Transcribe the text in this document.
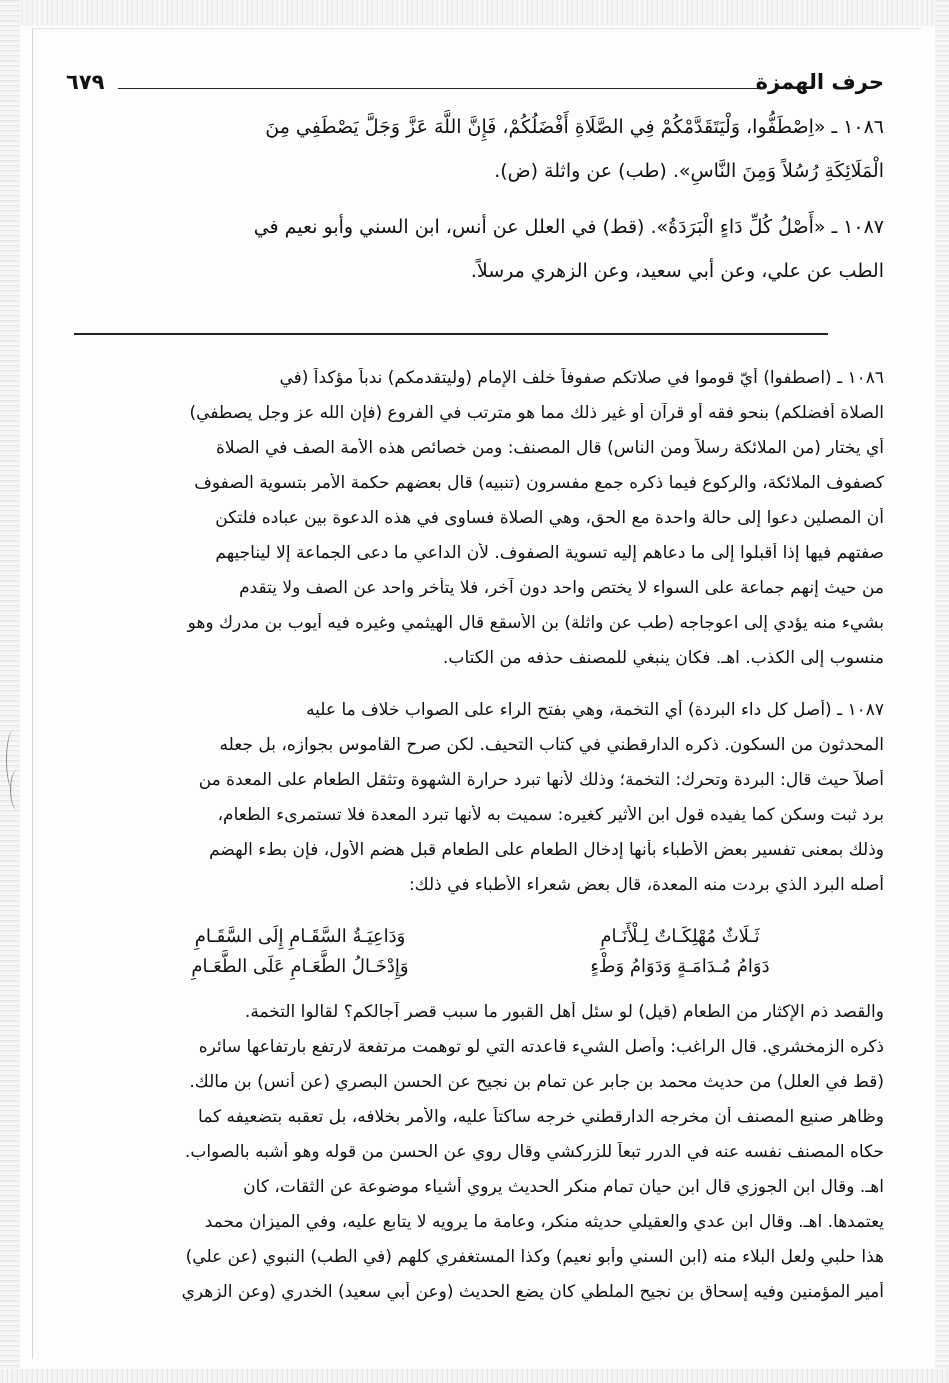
حرف الهمزة
٦٧٩
١٠٨٦ ـ «اِصْطَفُّوا، وَلْيَتَقَدَّمْكُمْ فِي الصَّلَاةِ أَفْضَلُكُمْ، فَإِنَّ اللَّهَ عَزَّ وَجَلَّ يَصْطَفِي مِنَ
الْمَلَائِكَةِ رُسُلاً وَمِنَ النَّاسِ». (طب) عن واثلة (ض).
١٠٨٧ ـ «أَصْلُ كُلِّ دَاءٍ الْبَرَدَةُ». (قط) في العلل عن أنس، ابن السني وأبو نعيم في
الطب عن علي، وعن أبي سعيد، وعن الزهري مرسلاً.
١٠٨٦ ـ (اصطفوا) أيّ قوموا في صلاتكم صفوفاً خلف الإمام (وليتقدمكم) ندباً مؤكداً (في
الصلاة أفضلكم) بنحو فقه أو قرآن أو غير ذلك مما هو مترتب في الفروع (فإن الله عز وجل يصطفي)
أي يختار (من الملائكة رسلاً ومن الناس) قال المصنف: ومن خصائص هذه الأمة الصف في الصلاة
كصفوف الملائكة، والركوع فيما ذكره جمع مفسرون (تنبيه) قال بعضهم حكمة الأمر بتسوية الصفوف
أن المصلين دعوا إلى حالة واحدة مع الحق، وهي الصلاة فساوى في هذه الدعوة بين عباده فلتكن
صفتهم فيها إذا أقبلوا إلى ما دعاهم إليه تسوية الصفوف. لأن الداعي ما دعى الجماعة إلا ليناجيهم
من حيث إنهم جماعة على السواء لا يختص واحد دون آخر، فلا يتأخر واحد عن الصف ولا يتقدم
بشيء منه يؤدي إلى اعوجاجه (طب عن واثلة) بن الأسقع قال الهيثمي وغيره فيه أيوب بن مدرك وهو
منسوب إلى الكذب. اهـ. فكان ينبغي للمصنف حذفه من الكتاب.
١٠٨٧ ـ (أصل كل داء البردة) أي التخمة، وهي بفتح الراء على الصواب خلاف ما عليه
المحدثون من السكون. ذكره الدارقطني في كتاب التحيف. لكن صرح القاموس بجوازه، بل جعله
أصلاً حيث قال: البردة وتحرك: التخمة؛ وذلك لأنها تبرد حرارة الشهوة وتثقل الطعام على المعدة من
برد ثبت وسكن كما يفيده قول ابن الأثير كغيره: سميت به لأنها تبرد المعدة فلا تستمرىء الطعام،
وذلك بمعنى تفسير بعض الأطباء بأنها إدخال الطعام على الطعام قبل هضم الأول، فإن بطء الهضم
أصله البرد الذي بردت منه المعدة، قال بعض شعراء الأطباء في ذلك:
ثَـلَاثٌ مُهْلِكَـاتٌ لِـلْأَنَـامِ
وَدَاعِيَـةُ السَّقَـامِ إِلَى السَّقَـامِ
دَوَامُ مُـدَامَـةٍ وَدَوَامُ وَطْءٍ
وَإِدْخَـالُ الطَّعَـامِ عَلَى الطَّعَـامِ
والقصد ذم الإكثار من الطعام (قيل) لو سئل أهل القبور ما سبب قصر آجالكم؟ لقالوا التخمة.
ذكره الزمخشري. قال الراغب: وأصل الشيء قاعدته التي لو توهمت مرتفعة لارتفع بارتفاعها سائره
(قط في العلل) من حديث محمد بن جابر عن تمام بن نجيح عن الحسن البصري (عن أنس) بن مالك.
وظاهر صنيع المصنف أن مخرجه الدارقطني خرجه ساكتاً عليه، والأمر بخلافه، بل تعقبه بتضعيفه كما
حكاه المصنف نفسه عنه في الدرر تبعاً للزركشي وقال روي عن الحسن من قوله وهو أشبه بالصواب.
اهـ. وقال ابن الجوزي قال ابن حيان تمام منكر الحديث يروي أشياء موضوعة عن الثقات، كان
يعتمدها. اهـ. وقال ابن عدي والعقيلي حديثه منكر، وعامة ما يرويه لا يتابع عليه، وفي الميزان محمد
هذا حلبي ولعل البلاء منه (ابن السني وأبو نعيم) وكذا المستغفري كلهم (في الطب) النبوي (عن علي)
أمير المؤمنين وفيه إسحاق بن نجيح الملطي كان يضع الحديث (وعن أبي سعيد) الخدري (وعن الزهري
